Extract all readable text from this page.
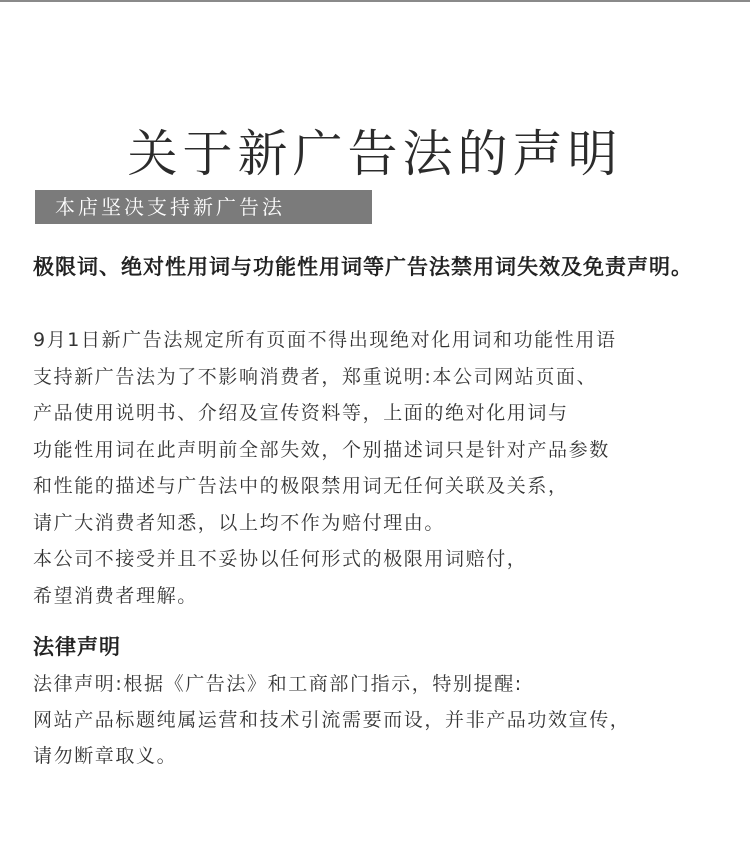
关于新广告法的声明
本店坚决支持新广告法
极限词、绝对性用词与功能性用词等广告法禁用词失效及免责声明。
9月1日新广告法规定所有页面不得出现绝对化用词和功能性用语
支持新广告法为了不影响消费者，郑重说明:本公司网站页面、
产品使用说明书、介绍及宣传资料等，上面的绝对化用词与
功能性用词在此声明前全部失效，个别描述词只是针对产品参数
和性能的描述与广告法中的极限禁用词无任何关联及关系，
请广大消费者知悉，以上均不作为赔付理由。
本公司不接受并且不妥协以任何形式的极限用词赔付，
希望消费者理解。
法律声明
法律声明:根据《广告法》和工商部门指示，特别提醒:
网站产品标题纯属运营和技术引流需要而设，并非产品功效宣传，
请勿断章取义。
